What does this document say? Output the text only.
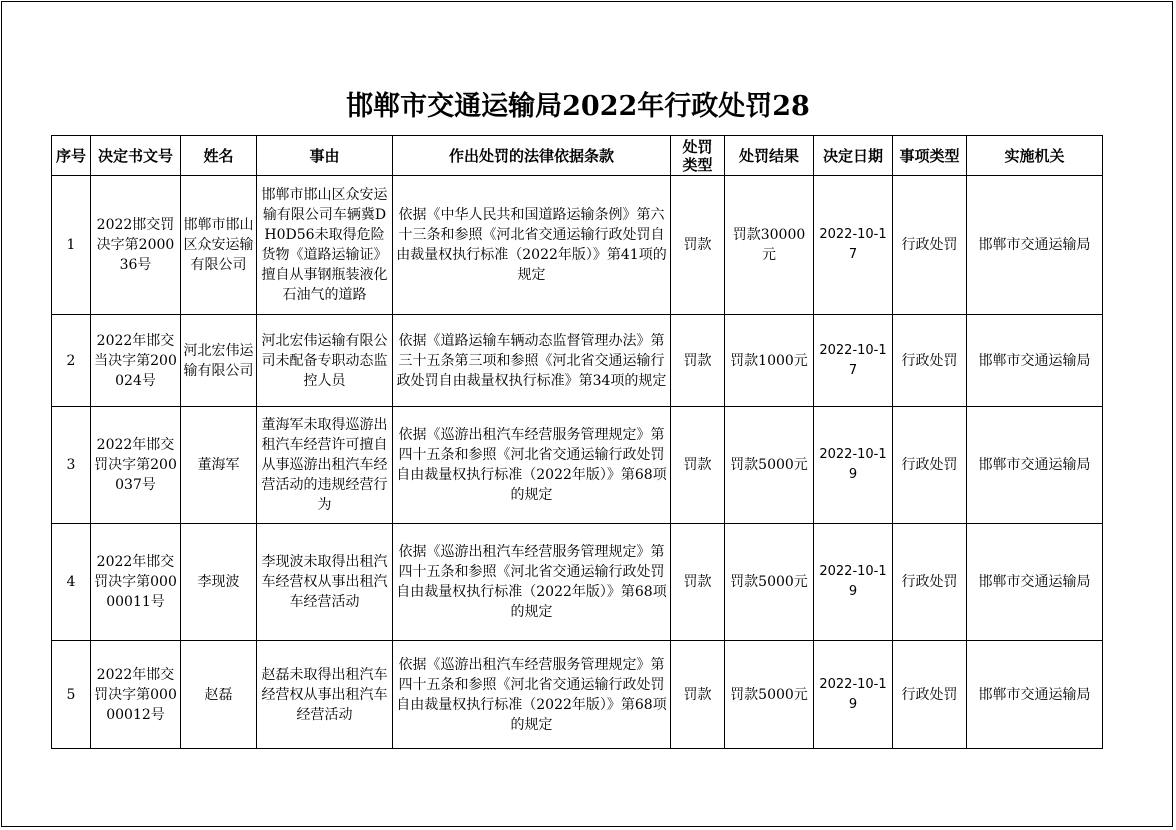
邯郸市交通运输局2022年行政处罚28
序号	决定书文号	姓名	事由	作出处罚的法律依据条款	处罚类型	处罚结果	决定日期	事项类型	实施机关
1	2022邯交罚决字第200036号	邯郸市邯山区众安运输有限公司	邯郸市邯山区众安运输有限公司车辆冀DH0D56未取得危险货物《道路运输证》擅自从事钢瓶装液化石油气的道路	依据《中华人民共和国道路运输条例》第六十三条和参照《河北省交通运输行政处罚自由裁量权执行标准（2022年版）》第41项的规定	罚款	罚款30000元	2022-10-17	行政处罚	邯郸市交通运输局
2	2022年邯交当决字第200024号	河北宏伟运输有限公司	河北宏伟运输有限公司未配备专职动态监控人员	依据《道路运输车辆动态监督管理办法》第三十五条第三项和参照《河北省交通运输行政处罚自由裁量权执行标准》第34项的规定	罚款	罚款1000元	2022-10-17	行政处罚	邯郸市交通运输局
3	2022年邯交罚决字第200037号	董海军	董海军未取得巡游出租汽车经营许可擅自从事巡游出租汽车经营活动的违规经营行为	依据《巡游出租汽车经营服务管理规定》第四十五条和参照《河北省交通运输行政处罚自由裁量权执行标准（2022年版）》第68项的规定	罚款	罚款5000元	2022-10-19	行政处罚	邯郸市交通运输局
4	2022年邯交罚决字第00000011号	李现波	李现波未取得出租汽车经营权从事出租汽车经营活动	依据《巡游出租汽车经营服务管理规定》第四十五条和参照《河北省交通运输行政处罚自由裁量权执行标准（2022年版）》第68项的规定	罚款	罚款5000元	2022-10-19	行政处罚	邯郸市交通运输局
5	2022年邯交罚决字第00000012号	赵磊	赵磊未取得出租汽车经营权从事出租汽车经营活动	依据《巡游出租汽车经营服务管理规定》第四十五条和参照《河北省交通运输行政处罚自由裁量权执行标准（2022年版）》第68项的规定	罚款	罚款5000元	2022-10-19	行政处罚	邯郸市交通运输局
